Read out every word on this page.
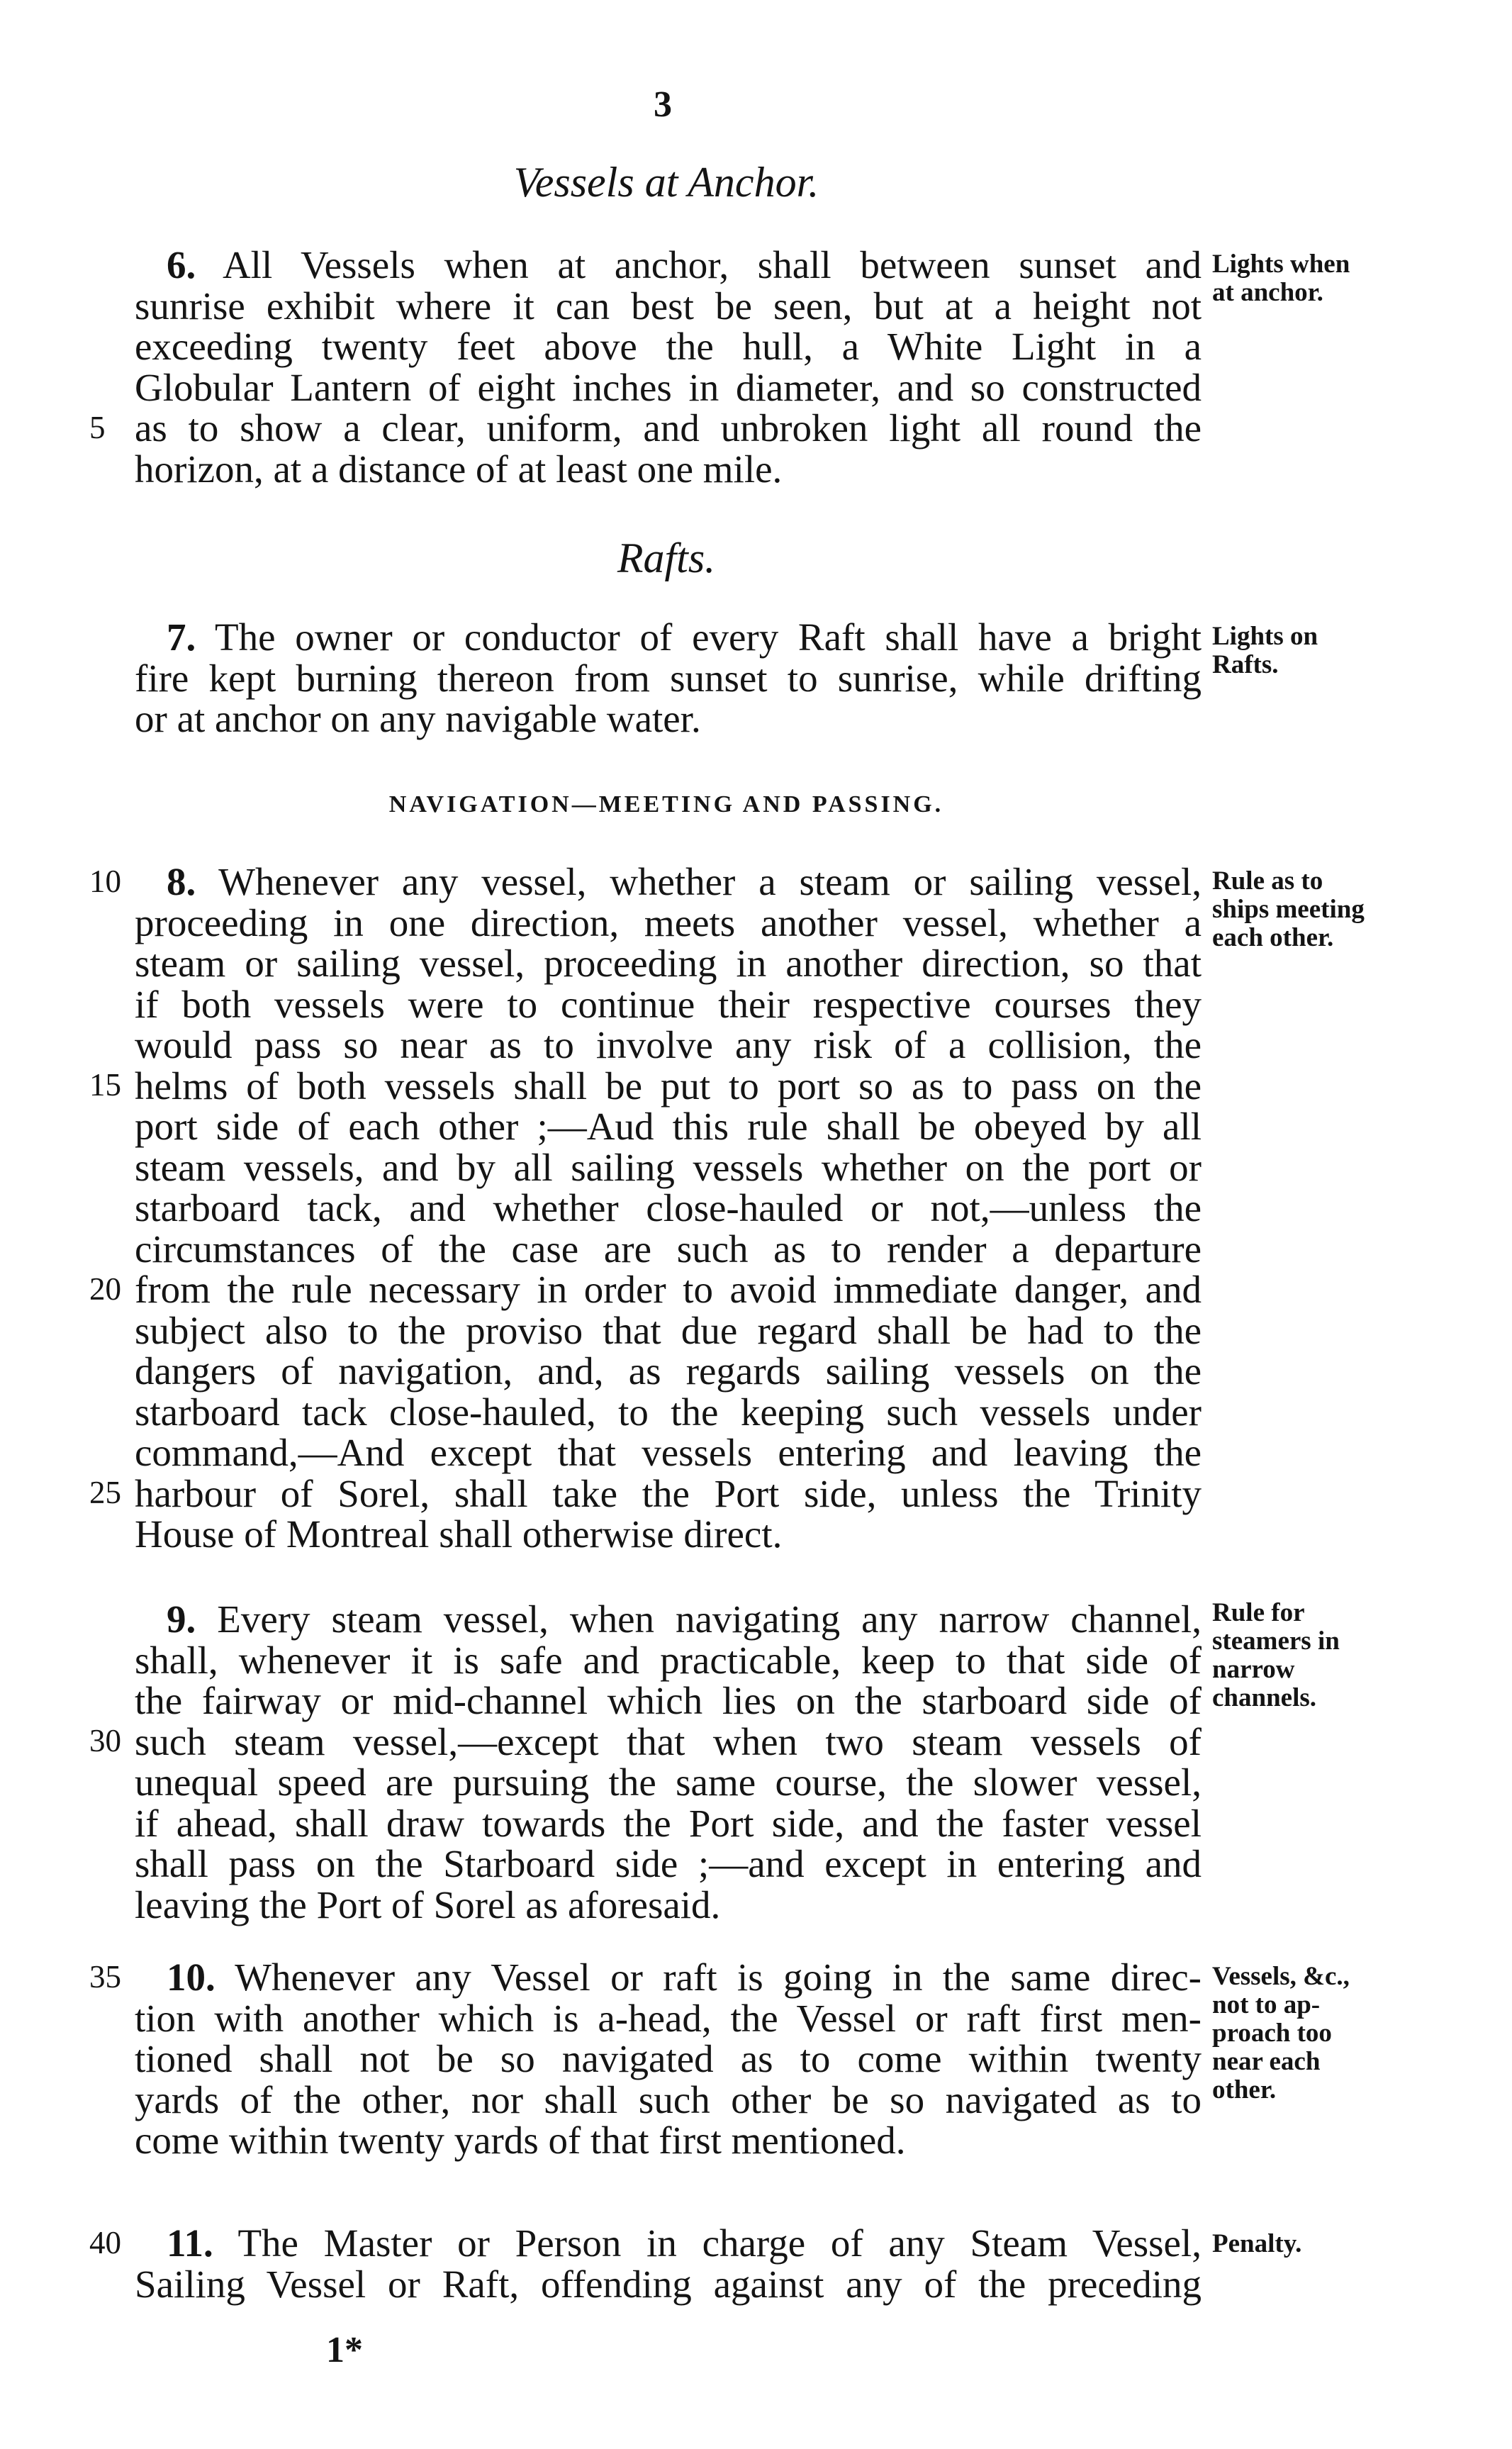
3
Vessels at Anchor.
6. All Vessels when at anchor, shall between sunset and
sunrise exhibit where it can best be seen, but at a height not
exceeding twenty feet above the hull, a White Light in a
Globular Lantern of eight inches in diameter, and so constructed
as to show a clear, uniform, and unbroken light all round the
horizon, at a distance of at least one mile.
Lights when
at anchor.
Rafts.
7. The owner or conductor of every Raft shall have a bright
fire kept burning thereon from sunset to sunrise, while drifting
or at anchor on any navigable water.
Lights on
Rafts.
NAVIGATION—MEETING AND PASSING.
8. Whenever any vessel, whether a steam or sailing vessel,
proceeding in one direction, meets another vessel, whether a
steam or sailing vessel, proceeding in another direction, so that
if both vessels were to continue their respective courses they
would pass so near as to involve any risk of a collision, the
helms of both vessels shall be put to port so as to pass on the
port side of each other ;—Aud this rule shall be obeyed by all
steam vessels, and by all sailing vessels whether on the port or
starboard tack, and whether close-hauled or not,—unless the
circumstances of the case are such as to render a departure
from the rule necessary in order to avoid immediate danger, and
subject also to the proviso that due regard shall be had to the
dangers of navigation, and, as regards sailing vessels on the
starboard tack close-hauled, to the keeping such vessels under
command,—And except that vessels entering and leaving the
harbour of Sorel, shall take the Port side, unless the Trinity
House of Montreal shall otherwise direct.
Rule as to
ships meeting
each other.
9. Every steam vessel, when navigating any narrow channel,
shall, whenever it is safe and practicable, keep to that side of
the fairway or mid-channel which lies on the starboard side of
such steam vessel,—except that when two steam vessels of
unequal speed are pursuing the same course, the slower vessel,
if ahead, shall draw towards the Port side, and the faster vessel
shall pass on the Starboard side ;—and except in entering and
leaving the Port of Sorel as aforesaid.
Rule for
steamers in
narrow
channels.
10. Whenever any Vessel or raft is going in the same direc-
tion with another which is a-head, the Vessel or raft first men-
tioned shall not be so navigated as to come within twenty
yards of the other, nor shall such other be so navigated as to
come within twenty yards of that first mentioned.
Vessels, &c.,
not to ap-
proach too
near each
other.
11. The Master or Person in charge of any Steam Vessel,
Sailing Vessel or Raft, offending against any of the preceding
Penalty.
5
10
15
20
25
30
35
40
1*
